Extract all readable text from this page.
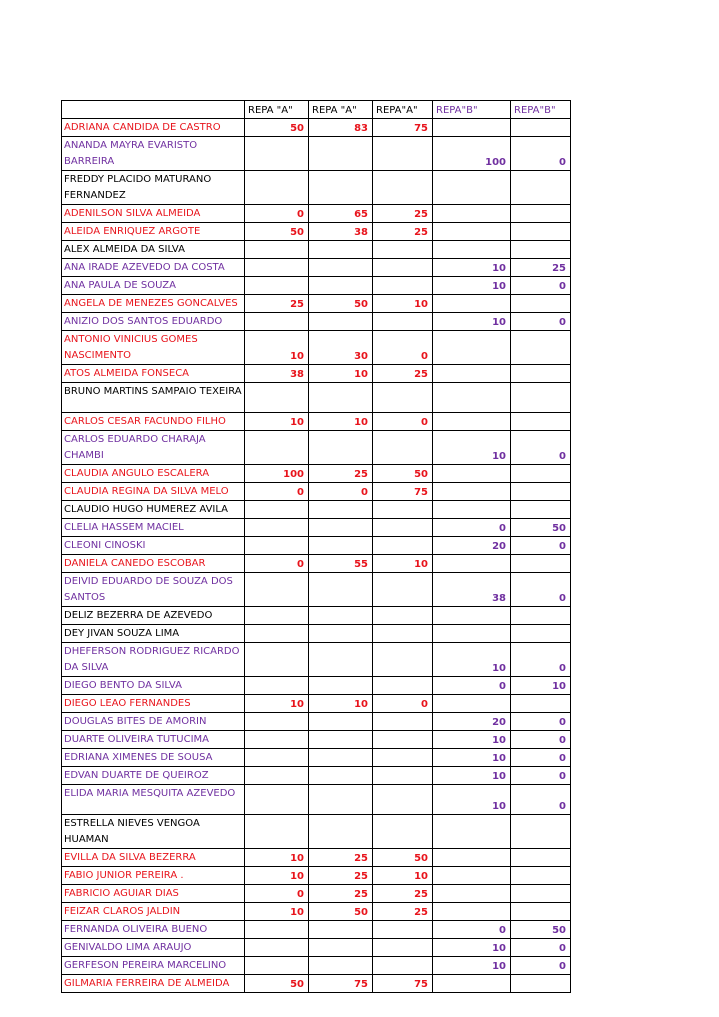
	REPA "A"	REPA "A"	REPA"A"	REPA"B"	REPA"B"
ADRIANA CANDIDA DE CASTRO	50	83	75		
ANANDA MAYRA EVARISTO BARREIRA				100	0
FREDDY PLACIDO MATURANO FERNANDEZ					
ADENILSON SILVA ALMEIDA	0	65	25		
ALEIDA ENRIQUEZ ARGOTE	50	38	25		
ALEX ALMEIDA DA SILVA					
ANA IRADE AZEVEDO DA COSTA				10	25
ANA PAULA DE SOUZA				10	0
ANGELA DE MENEZES GONCALVES	25	50	10		
ANIZIO DOS SANTOS EDUARDO				10	0
ANTONIO VINICIUS GOMES NASCIMENTO	10	30	0		
ATOS ALMEIDA FONSECA	38	10	25		
BRUNO MARTINS SAMPAIO TEXEIRA					
CARLOS CESAR FACUNDO FILHO	10	10	0		
CARLOS EDUARDO CHARAJA CHAMBI				10	0
CLAUDIA ANGULO ESCALERA	100	25	50		
CLAUDIA REGINA DA SILVA MELO	0	0	75		
CLAUDIO HUGO HUMEREZ AVILA					
CLELIA HASSEM MACIEL				0	50
CLEONI CINOSKI				20	0
DANIELA CANEDO ESCOBAR	0	55	10		
DEIVID EDUARDO DE SOUZA DOS SANTOS				38	0
DELIZ BEZERRA DE AZEVEDO					
DEY JIVAN SOUZA LIMA					
DHEFERSON RODRIGUEZ RICARDO DA SILVA				10	0
DIEGO BENTO DA SILVA				0	10
DIEGO LEAO FERNANDES	10	10	0		
DOUGLAS BITES DE AMORIN				20	0
DUARTE OLIVEIRA TUTUCIMA				10	0
EDRIANA XIMENES DE SOUSA				10	0
EDVAN DUARTE DE QUEIROZ				10	0
ELIDA MARIA MESQUITA AZEVEDO				10	0
ESTRELLA NIEVES VENGOA HUAMAN					
EVILLA DA SILVA BEZERRA	10	25	50		
FABIO JUNIOR PEREIRA .	10	25	10		
FABRICIO AGUIAR DIAS	0	25	25		
FEIZAR CLAROS JALDIN	10	50	25		
FERNANDA OLIVEIRA BUENO				0	50
GENIVALDO LIMA ARAUJO				10	0
GERFESON PEREIRA MARCELINO				10	0
GILMARIA FERREIRA DE ALMEIDA	50	75	75		
